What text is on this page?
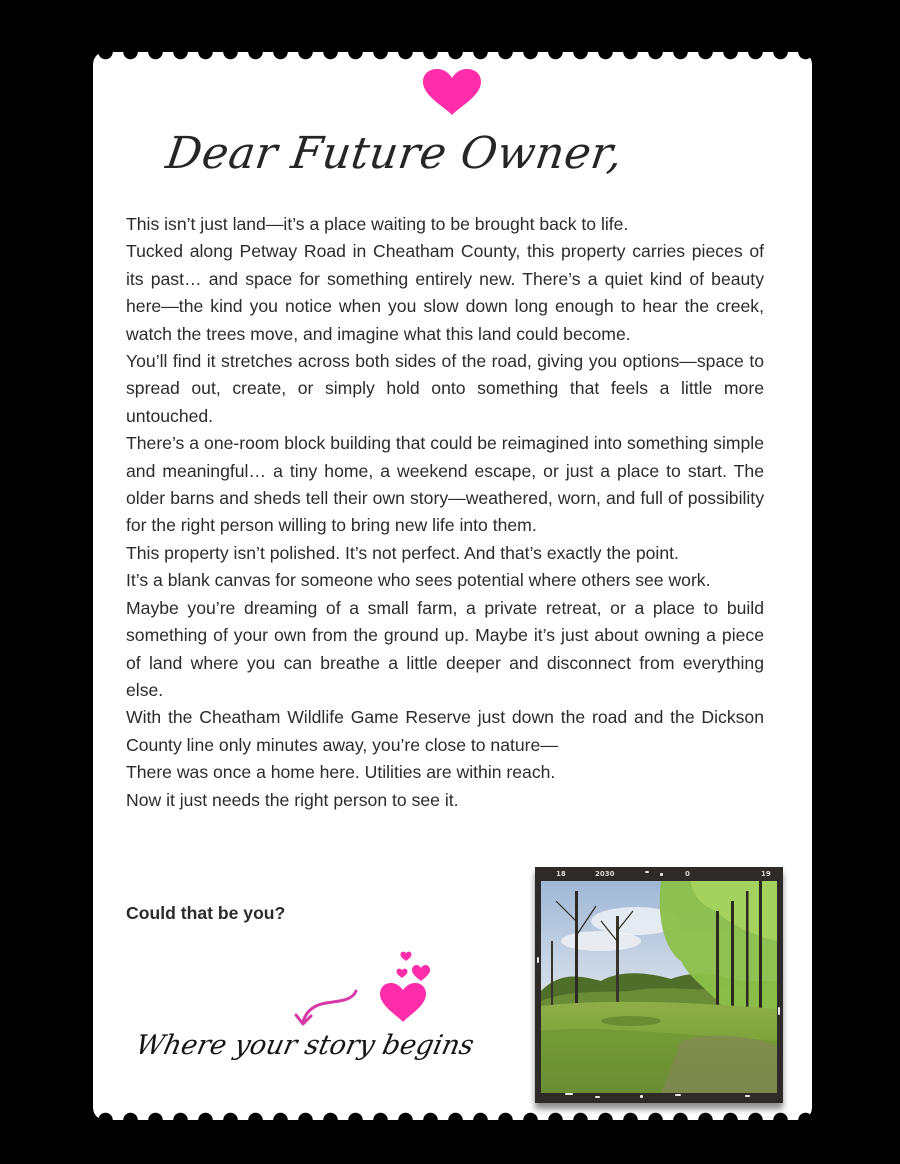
Dear Future Owner,

This isn’t just land—it’s a place waiting to be brought back to life.

Tucked along Petway Road in Cheatham County, this property carries pieces of its past… and space for something entirely new. There’s a quiet kind of beauty here—the kind you notice when you slow down long enough to hear the creek, watch the trees move, and imagine what this land could become.

You’ll find it stretches across both sides of the road, giving you options—space to spread out, create, or simply hold onto something that feels a little more untouched.

There’s a one-room block building that could be reimagined into something simple and meaningful… a tiny home, a weekend escape, or just a place to start. The older barns and sheds tell their own story—weathered, worn, and full of possibility for the right person willing to bring new life into them.

This property isn’t polished. It’s not perfect. And that’s exactly the point.

It’s a blank canvas for someone who sees potential where others see work.

Maybe you’re dreaming of a small farm, a private retreat, or a place to build something of your own from the ground up. Maybe it’s just about owning a piece of land where you can breathe a little deeper and disconnect from everything else.

With the Cheatham Wildlife Game Reserve just down the road and the Dickson County line only minutes away, you’re close to nature—

There was once a home here. Utilities are within reach.

Now it just needs the right person to see it.

Could that be you?
Where your story begins
18	2030	0	19
